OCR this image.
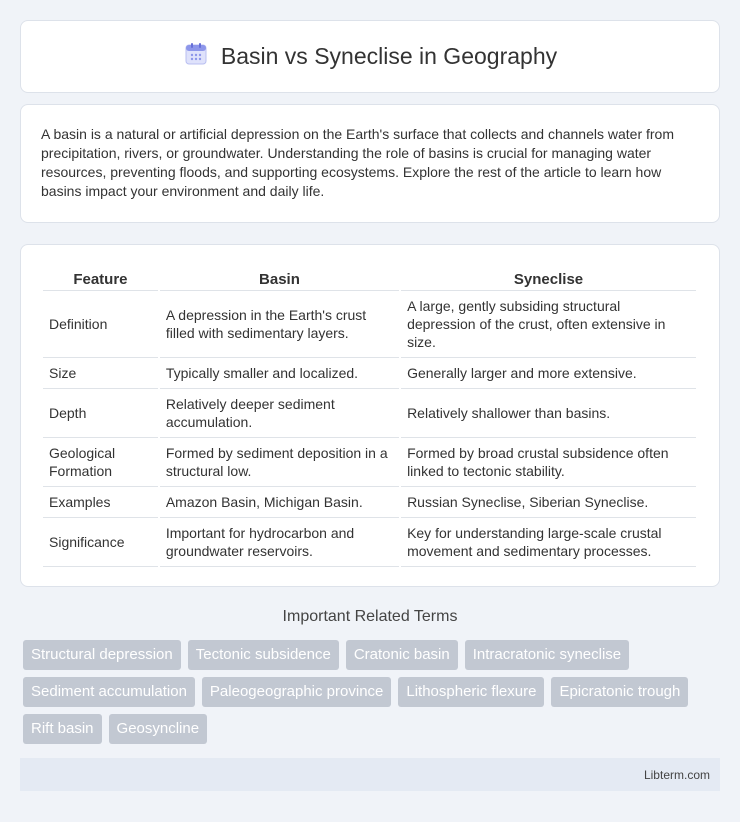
Basin vs Syneclise in Geography

A basin is a natural or artificial depression on the Earth's surface that collects and channels water from precipitation, rivers, or groundwater. Understanding the role of basins is crucial for managing water resources, preventing floods, and supporting ecosystems. Explore the rest of the article to learn how basins impact your environment and daily life.

Feature	Basin	Syneclise
Definition	A depression in the Earth's crust filled with sedimentary layers.	A large, gently subsiding structural depression of the crust, often extensive in size.
Size	Typically smaller and localized.	Generally larger and more extensive.
Depth	Relatively deeper sediment accumulation.	Relatively shallower than basins.
Geological Formation	Formed by sediment deposition in a structural low.	Formed by broad crustal subsidence often linked to tectonic stability.
Examples	Amazon Basin, Michigan Basin.	Russian Syneclise, Siberian Syneclise.
Significance	Important for hydrocarbon and groundwater reservoirs.	Key for understanding large-scale crustal movement and sedimentary processes.
Important Related Terms
Structural depression	Tectonic subsidence	Cratonic basin	Intracratonic syneclise
Sediment accumulation	Paleogeographic province	Lithospheric flexure	Epicratonic trough
Rift basin	Geosyncline
Libterm.com
